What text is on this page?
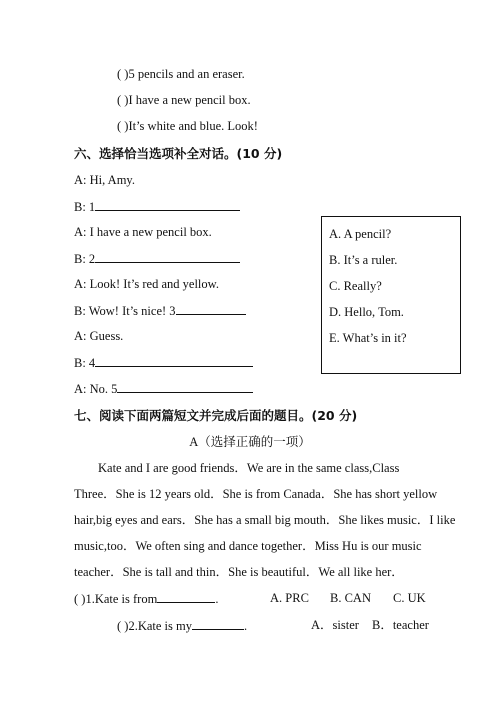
( )5 pencils and an eraser.
( )I have a new pencil box.
( )It’s white and blue. Look!
六、选择恰当选项补全对话。(10 分)
A: Hi, Amy.
B: 1
A: I have a new pencil box.
B: 2
A: Look! It’s red and yellow.
B: Wow! It’s nice! 3
A: Guess.
B: 4
A: No. 5
A. A pencil?
B. It’s a ruler.
C. Really?
D. Hello, Tom.
E. What’s in it?
七、阅读下面两篇短文并完成后面的题目。(20 分)
A（选择正确的一项）
Kate and I are good friends．We are in the same class,Class
Three．She is 12 years old．She is from Canada．She has short yellow
hair,big eyes and ears．She has a small big mouth．She likes music．I like
music,too．We often sing and dance together．Miss Hu is our music
teacher．She is tall and thin．She is beautiful．We all like her．
( )1.Kate is from	.	A. PRC B. CAN C. UK
( )2.Kate is my	.	A．sister B．teacher
